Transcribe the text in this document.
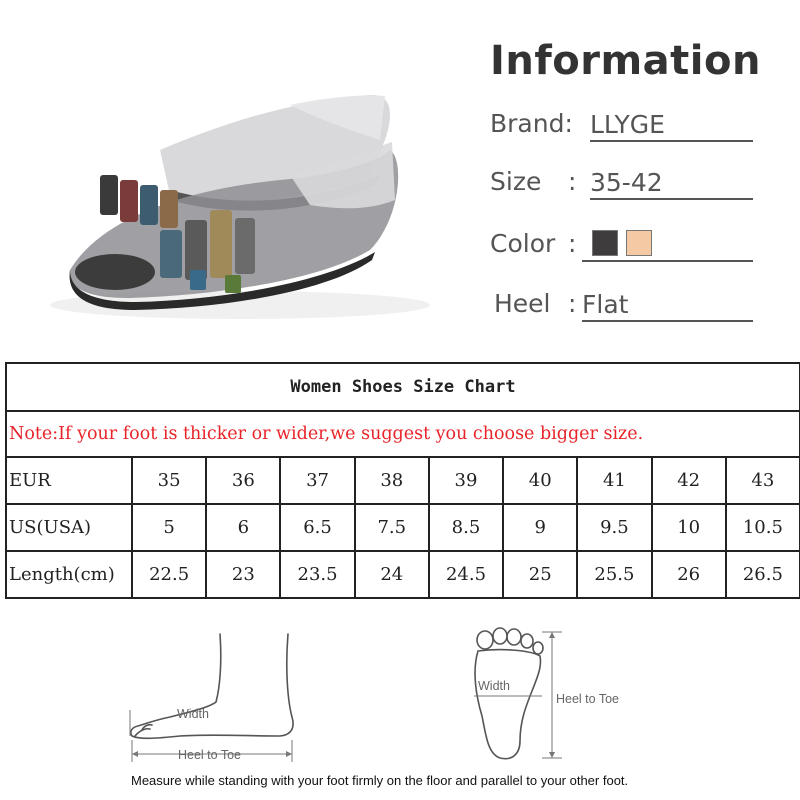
Information
Brand: LLYGE
Size : 35-42
Color :
Heel : Flat
Women Shoes Size Chart									
Note:If your foot is thicker or wider,we suggest you choose bigger size.									
EUR	35	36	37	38	39	40	41	42	43
US(USA)	5	6	6.5	7.5	8.5	9	9.5	10	10.5
Length(cm)	22.5	23	23.5	24	24.5	25	25.5	26	26.5
Width
Heel to Toe
Width
Heel to Toe
Measure while standing with your foot firmly on the floor and parallel to your other foot.
